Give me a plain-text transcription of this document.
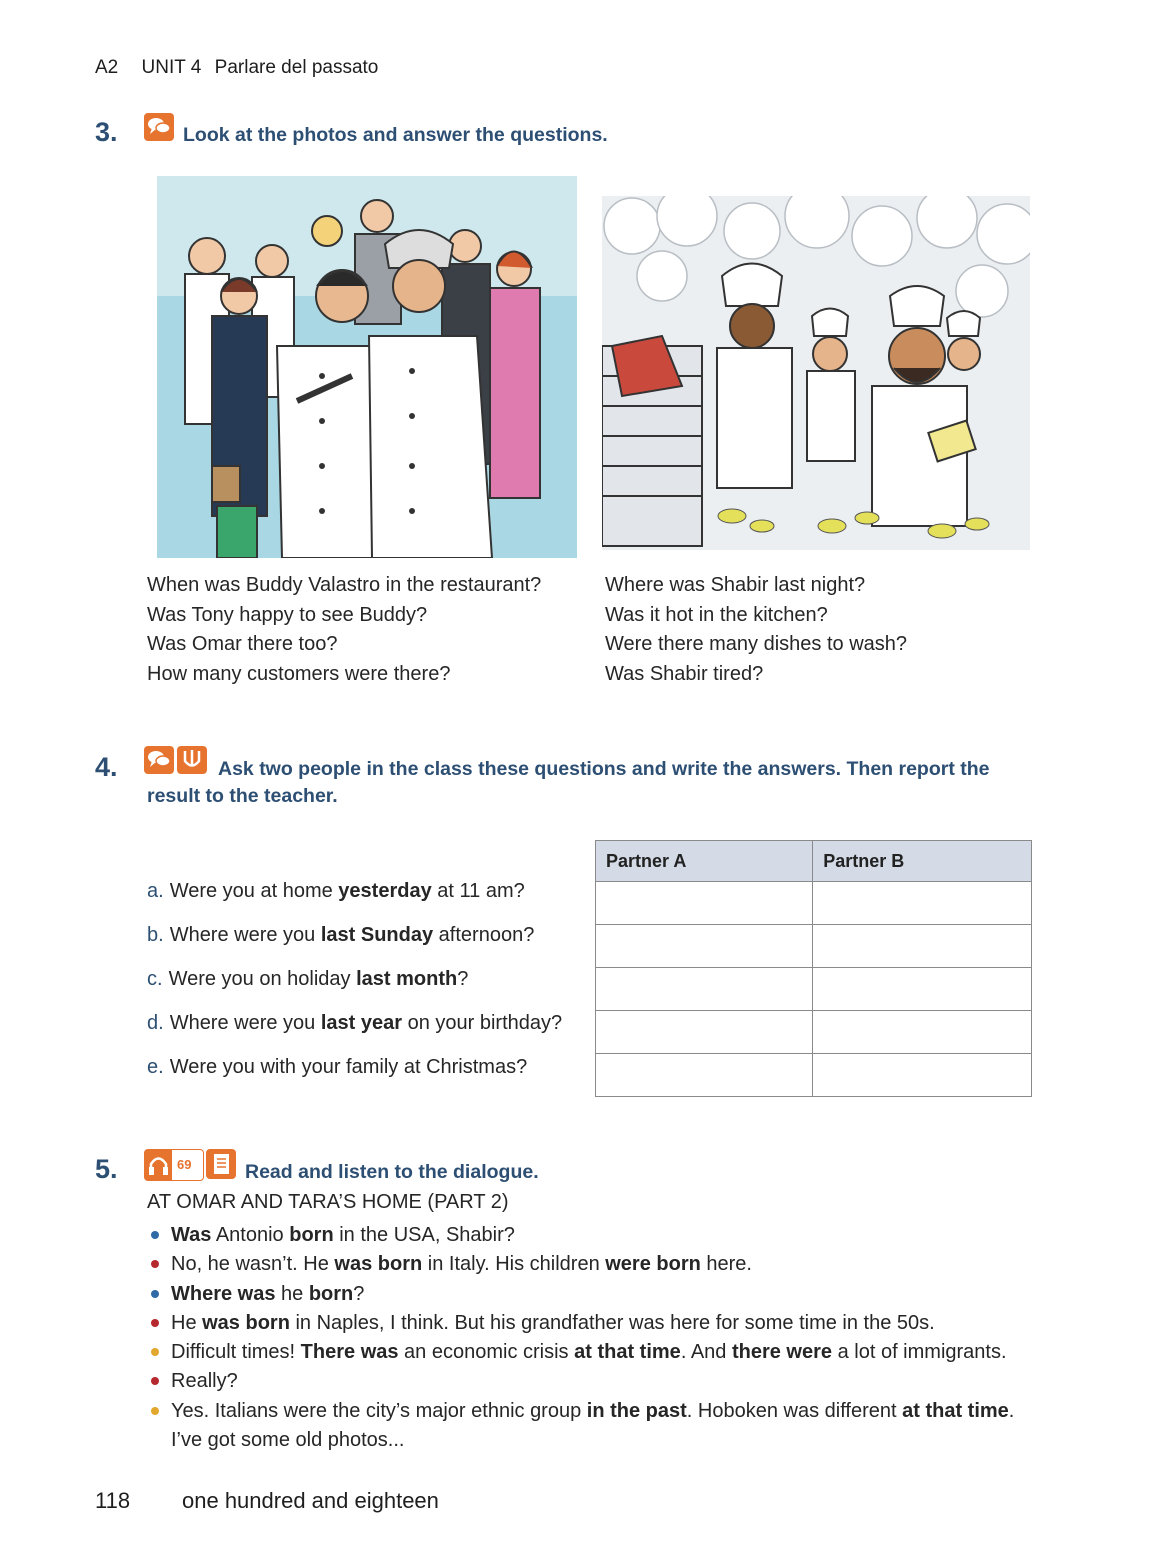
A2 UNIT 4 Parlare del passato
3.	Look at the photos and answer the questions.
When was Buddy Valastro in the restaurant?
Was Tony happy to see Buddy?
Was Omar there too?
How many customers were there?
Where was Shabir last night?
Was it hot in the kitchen?
Were there many dishes to wash?
Was Shabir tired?
4.	Ask two people in the class these questions and write the answers. Then report the
result to the teacher.
a. Were you at home yesterday at 11 am?
b. Where were you last Sunday afternoon?
c. Were you on holiday last month?
d. Where were you last year on your birthday?
e. Were you with your family at Christmas?
Partner A	Partner B

5.	69	Read and listen to the dialogue.
AT OMAR AND TARA’S HOME (PART 2)
Was Antonio born in the USA, Shabir?
No, he wasn’t. He was born in Italy. His children were born here.
Where was he born?
He was born in Naples, I think. But his grandfather was here for some time in the 50s.
Difficult times! There was an economic crisis at that time. And there were a lot of immigrants.
Really?
Yes. Italians were the city’s major ethnic group in the past. Hoboken was different at that time. I’ve got some old photos...
118 one hundred and eighteen
